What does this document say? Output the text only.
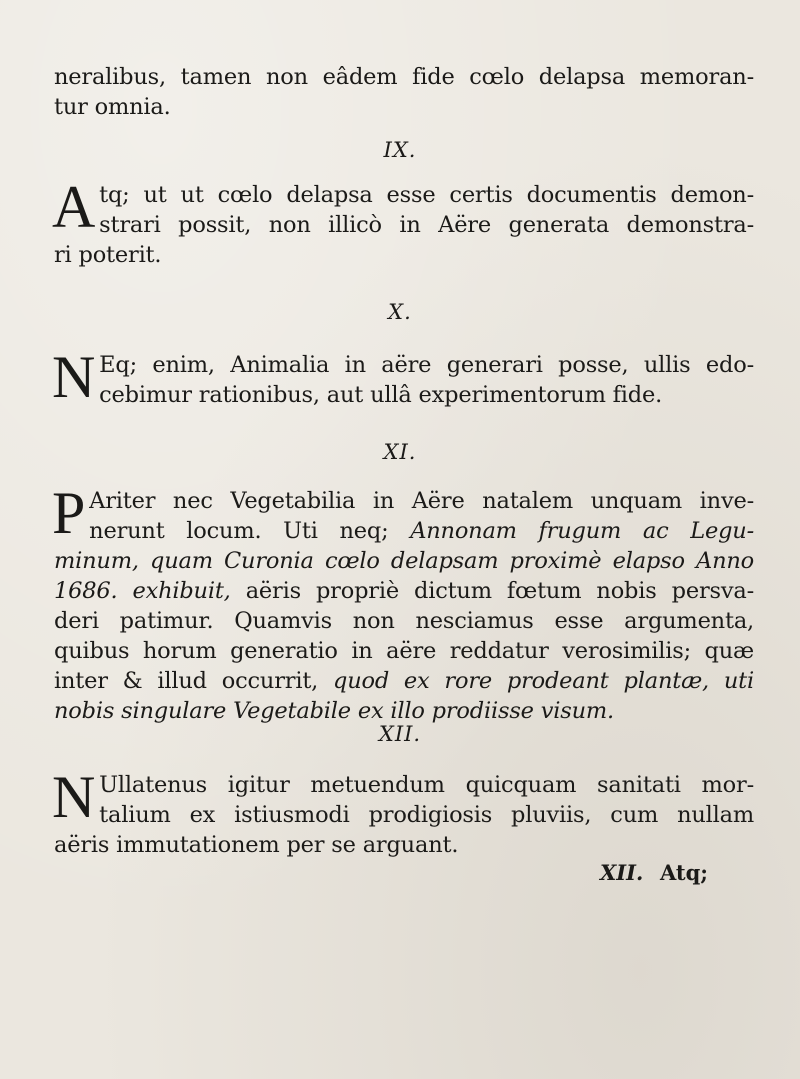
neralibus, tamen non eâdem fide cœlo delapsa memoran-
tur omnia.
IX.
A tq; ut ut cœlo delapsa esse certis documentis demon-
strari possit, non illicò in Aëre generata demonstra-
ri poterit.
X.
N Eq; enim, Animalia in aëre generari posse, ullis edo-
cebimur rationibus, aut ullâ experimentorum fide.
XI.
P Ariter nec Vegetabilia in Aëre natalem unquam inve-
nerunt locum. Uti neq; Annonam frugum ac Legu-
minum, quam Curonia cœlo delapsam proximè elapso Anno
1686. exhibuit, aëris propriè dictum fœtum nobis persva-
deri patimur. Quamvis non nesciamus esse argumenta,
quibus horum generatio in aëre reddatur verosimilis; quæ
inter & illud occurrit, quod ex rore prodeant plantæ, uti
nobis singulare Vegetabile ex illo prodiisse visum.
XII.
N Ullatenus igitur metuendum quicquam sanitati mor-
talium ex istiusmodi prodigiosis pluviis, cum nullam
aëris immutationem per se arguant.
XII. Atq;
